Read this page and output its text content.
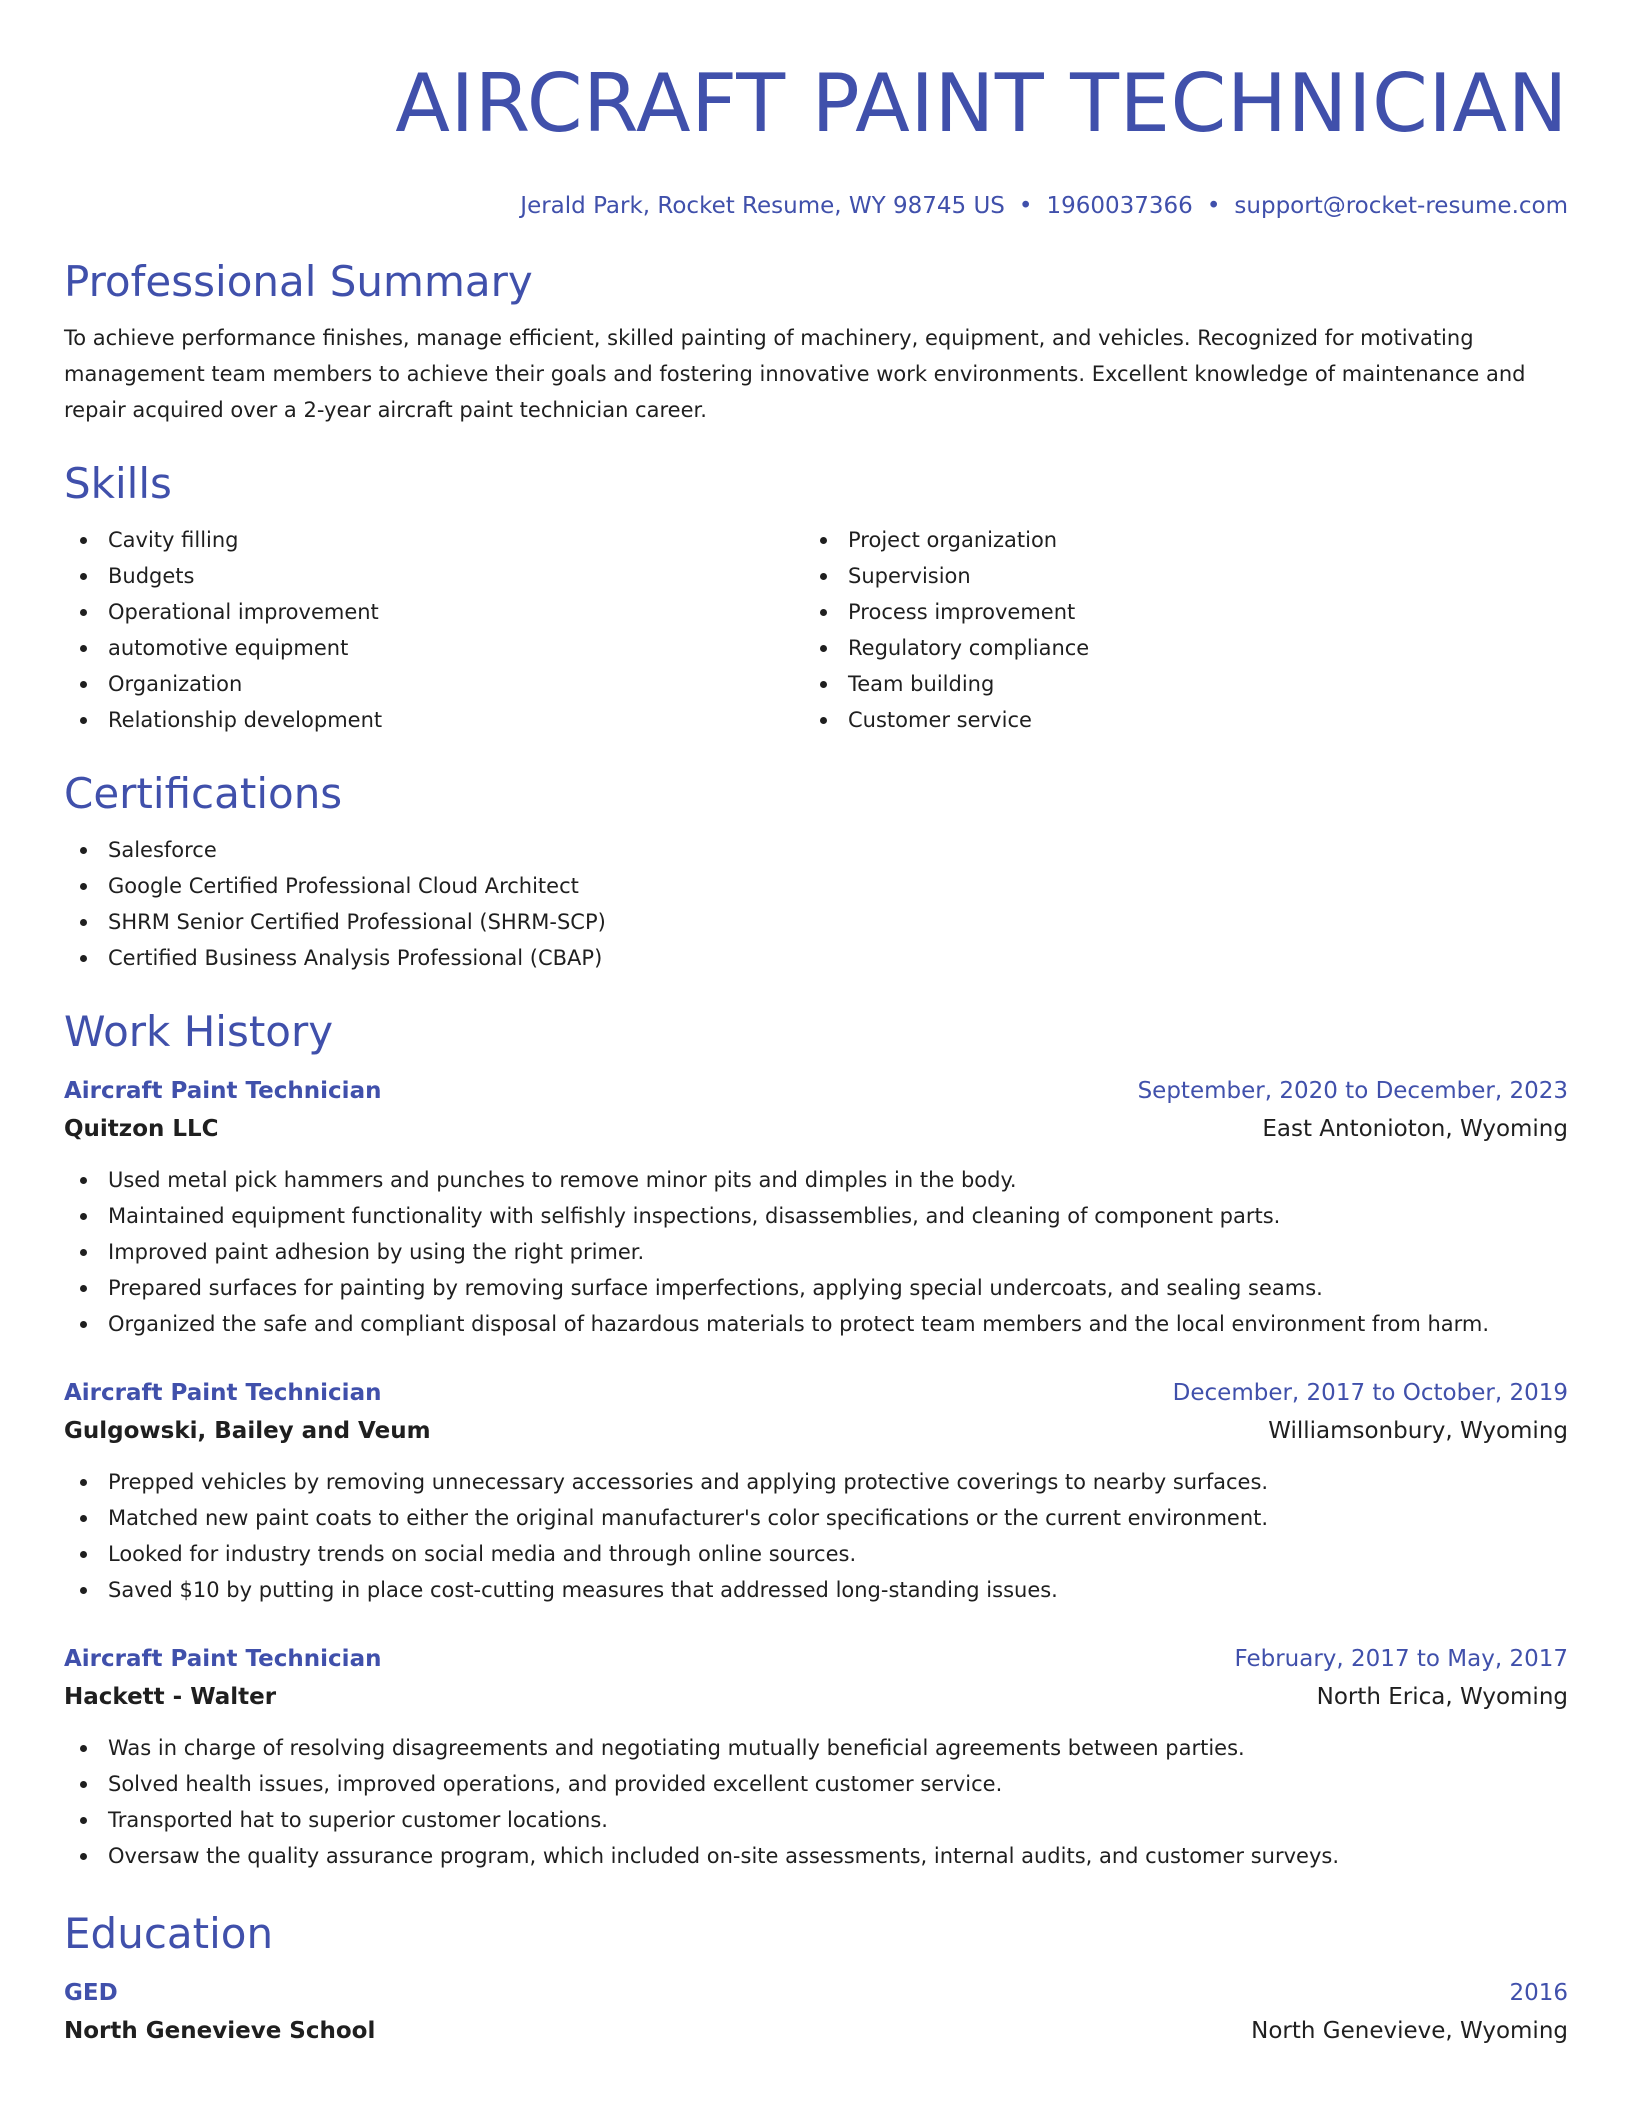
AIRCRAFT PAINT TECHNICIAN
Jerald Park, Rocket Resume, WY 98745 US • 1960037366 • support@rocket-resume.com
Professional Summary

To achieve performance finishes, manage efficient, skilled painting of machinery, equipment, and vehicles. Recognized for motivating management team members to achieve their goals and fostering innovative work environments. Excellent knowledge of maintenance and repair acquired over a 2-year aircraft paint technician career.

Skills
Cavity filling
Budgets
Operational improvement
automotive equipment
Organization
Relationship development
Project organization
Supervision
Process improvement
Regulatory compliance
Team building
Customer service
Certifications
Salesforce
Google Certified Professional Cloud Architect
SHRM Senior Certified Professional (SHRM-SCP)
Certified Business Analysis Professional (CBAP)
Work History
Aircraft Paint Technician	September, 2020 to December, 2023
Quitzon LLC	East Antonioton, Wyoming
Used metal pick hammers and punches to remove minor pits and dimples in the body.
Maintained equipment functionality with selfishly inspections, disassemblies, and cleaning of component parts.
Improved paint adhesion by using the right primer.
Prepared surfaces for painting by removing surface imperfections, applying special undercoats, and sealing seams.
Organized the safe and compliant disposal of hazardous materials to protect team members and the local environment from harm.
Aircraft Paint Technician	December, 2017 to October, 2019
Gulgowski, Bailey and Veum	Williamsonbury, Wyoming
Prepped vehicles by removing unnecessary accessories and applying protective coverings to nearby surfaces.
Matched new paint coats to either the original manufacturer's color specifications or the current environment.
Looked for industry trends on social media and through online sources.
Saved $10 by putting in place cost-cutting measures that addressed long-standing issues.
Aircraft Paint Technician	February, 2017 to May, 2017
Hackett - Walter	North Erica, Wyoming
Was in charge of resolving disagreements and negotiating mutually beneficial agreements between parties.
Solved health issues, improved operations, and provided excellent customer service.
Transported hat to superior customer locations.
Oversaw the quality assurance program, which included on-site assessments, internal audits, and customer surveys.
Education
GED	2016
North Genevieve School	North Genevieve, Wyoming
